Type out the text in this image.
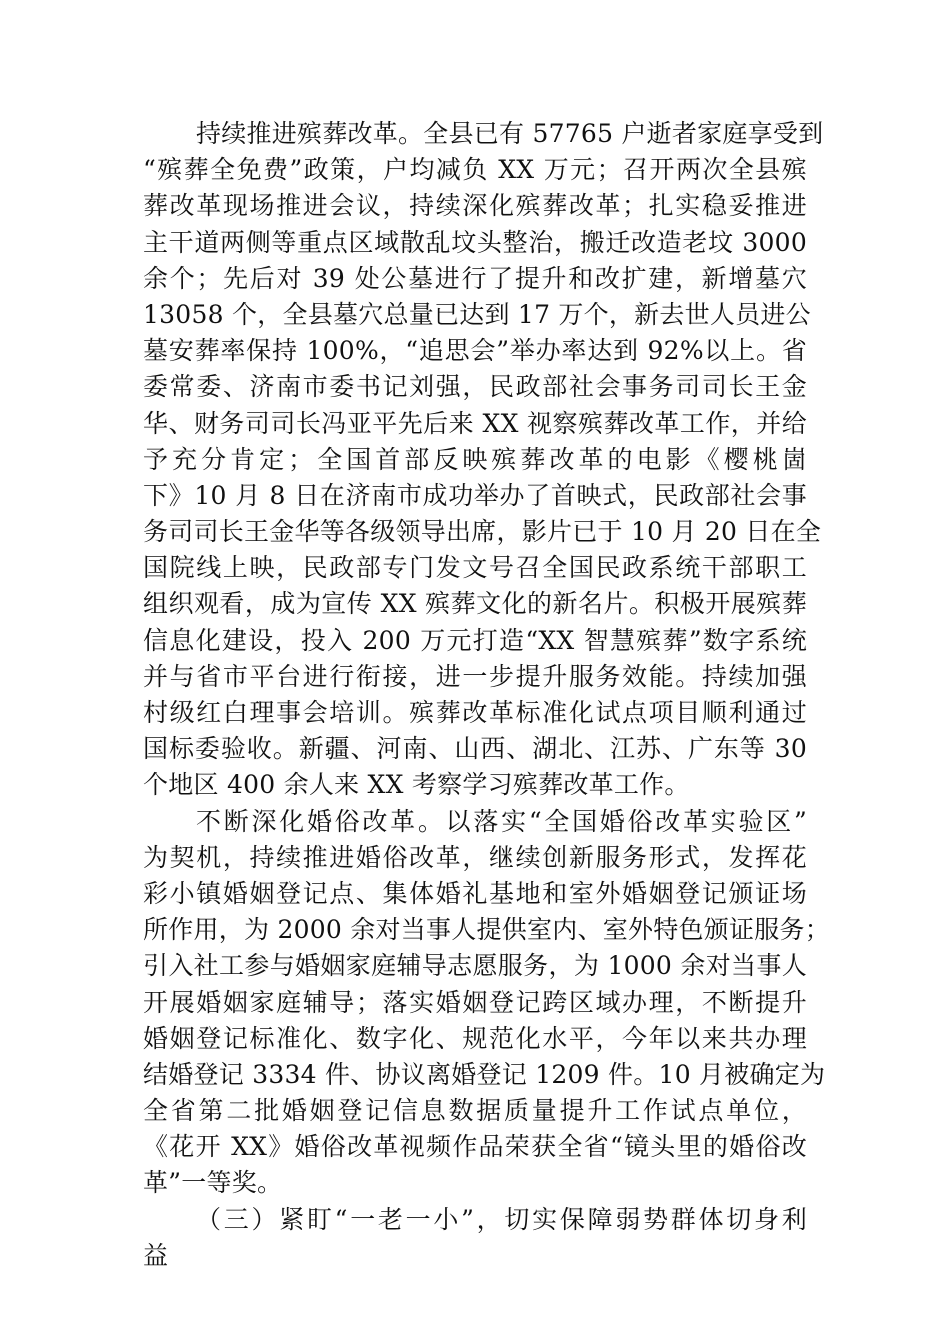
持续推进殡葬改革。全县已有 57765 户逝者家庭享受到
“殡葬全免费”政策，户均减负 XX 万元；召开两次全县殡
葬改革现场推进会议，持续深化殡葬改革；扎实稳妥推进
主干道两侧等重点区域散乱坟头整治，搬迁改造老坟 3000
余个；先后对 39 处公墓进行了提升和改扩建，新增墓穴
13058 个，全县墓穴总量已达到 17 万个，新去世人员进公
墓安葬率保持 100%，“追思会”举办率达到 92%以上。省
委常委、济南市委书记刘强，民政部社会事务司司长王金
华、财务司司长冯亚平先后来 XX 视察殡葬改革工作，并给
予充分肯定；全国首部反映殡葬改革的电影《樱桃崮
下》10 月 8 日在济南市成功举办了首映式，民政部社会事
务司司长王金华等各级领导出席，影片已于 10 月 20 日在全
国院线上映，民政部专门发文号召全国民政系统干部职工
组织观看，成为宣传 XX 殡葬文化的新名片。积极开展殡葬
信息化建设，投入 200 万元打造“XX 智慧殡葬”数字系统
并与省市平台进行衔接，进一步提升服务效能。持续加强
村级红白理事会培训。殡葬改革标准化试点项目顺利通过
国标委验收。新疆、河南、山西、湖北、江苏、广东等 30
个地区 400 余人来 XX 考察学习殡葬改革工作。
不断深化婚俗改革。以落实“全国婚俗改革实验区”
为契机，持续推进婚俗改革，继续创新服务形式，发挥花
彩小镇婚姻登记点、集体婚礼基地和室外婚姻登记颁证场
所作用，为 2000 余对当事人提供室内、室外特色颁证服务；
引入社工参与婚姻家庭辅导志愿服务，为 1000 余对当事人
开展婚姻家庭辅导；落实婚姻登记跨区域办理，不断提升
婚姻登记标准化、数字化、规范化水平，今年以来共办理
结婚登记 3334 件、协议离婚登记 1209 件。10 月被确定为
全省第二批婚姻登记信息数据质量提升工作试点单位，
《花开 XX》婚俗改革视频作品荣获全省“镜头里的婚俗改
革”一等奖。
（三）紧盯“一老一小”，切实保障弱势群体切身利
益
